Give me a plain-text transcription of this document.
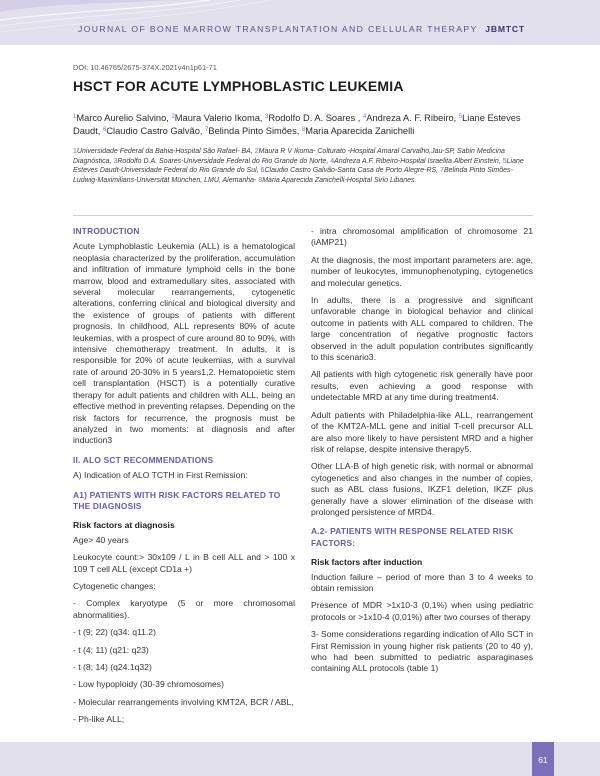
JOURNAL OF BONE MARROW TRANSPLANTATION AND CELLULAR THERAPY JBMTCT
DOI: 10.46765/2675-374X.2021v4n1p61-71
HSCT FOR ACUTE LYMPHOBLASTIC LEUKEMIA
$^1$Marco Aurelio Salvino, $^2$Maura Valerio Ikoma, $^3$Rodolfo D. A. Soares , $^4$Andreza A. F. Ribeiro, $^5$Liane Esteves Daudt, $^6$Claudio Castro Galvão, $^7$Belinda Pinto Simões, $^8$Maria Aparecida Zanichelli
1Universidade Federal da Bahia-Hospital São Rafael- BA, 2Maura R V Ikoma- Colturato -Hospital Amaral Carvalho,Jau-SP, Sabin Medicina Diagnóstica, 3Rodolfo D.A. Soares-Universidade Federal do Rio Grande do Norte, 4Andreza A.F. Ribeiro-Hospital Israelita Albert Einstein, 5Liane Esteves Daudt-Universidade Federal do Rio Grande do Sul, 6Claudio Castro Galvão-Santa Casa de Porto Alegre-RS, 7Belinda Pinto Simões-Ludwig-Maximilians-Universität München, LMU, Alemanha- 8Maria Aparecida Zanichelli-Hospital Sirio Libanes.
INTRODUCTION

Acute Lymphoblastic Leukemia (ALL) is a hematological neoplasia characterized by the proliferation, accumulation and infiltration of immature lymphoid cells in the bone marrow, blood and extramedullary sites, associated with several molecular rearrangements, cytogenetic alterations, conferring clinical and biological diversity and the existence of groups of patients with different prognosis. In childhood, ALL represents 80% of acute leukemias, with a prospect of cure around 80 to 90%, with intensive chemotherapy treatment. In adults, it is responsible for 20% of acute leukemias, with a survival rate of around 20-30% in 5 years1,2. Hematopoietic stem cell transplantation (HSCT) is a potentially curative therapy for adult patients and children with ALL, being an effective method in preventing relapses. Depending on the risk factors for recurrence, the prognosis must be analyzed in two moments: at diagnosis and after induction3

II. ALO SCT RECOMMENDATIONS

A) Indication of ALO TCTH in First Remission:

A1) PATIENTS WITH RISK FACTORS RELATED TO THE DIAGNOSIS
Risk factors at diagnosis

Age> 40 years

Leukocyte count:> 30x109 / L in B cell ALL and > 100 x 109 T cell ALL (except CD1a +)

Cytogenetic changes:

- Complex karyotype (5 or more chromosomal abnormalities).

- t (9; 22) (q34: q11.2)

- t (4; 11) (q21: q23)

- t (8; 14) (q24.1q32)

- Low hypoploidy (30-39 chromosomes)

- Molecular rearrangements involving KMT2A, BCR / ABL,

- Ph-like ALL;

- intra chromosomal amplification of chromosome 21 (iAMP21)

At the diagnosis, the most important parameters are: age, number of leukocytes, immunophenotyping, cytogenetics and molecular genetics.

In adults, there is a progressive and significant unfavorable change in biological behavior and clinical outcome in patients with ALL compared to children. The large concentration of negative prognostic factors observed in the adult population contributes significantly to this scenario3.

All patients with high cytogenetic risk generally have poor results, even achieving a good response with undetectable MRD at any time during treatment4.

Adult patients with Philadelphia-like ALL, rearrangement of the KMT2A-MLL gene and initial T-cell precursor ALL are also more likely to have persistent MRD and a higher risk of relapse, despite intensive therapy5.

Other LLA-B of high genetic risk, with normal or abnormal cytogenetics and also changes in the number of copies, such as ABL class fusions, IKZF1 deletion, IKZF plus generally have a slower elimination of the disease with prolonged persistence of MRD4.

A.2- PATIENTS WITH RESPONSE RELATED RISK FACTORS:
Risk factors after induction

Induction failure – period of more than 3 to 4 weeks to obtain remission

Presence of MDR >1x10-3 (0,1%) when using pediatric protocols or >1x10-4 (0,01%) after two courses of therapy

3- Some considerations regarding indication of Allo SCT in First Remission in young higher risk patients (20 to 40 y), who had been submitted to pediatric asparaginases containing ALL protocols (table 1)

61
